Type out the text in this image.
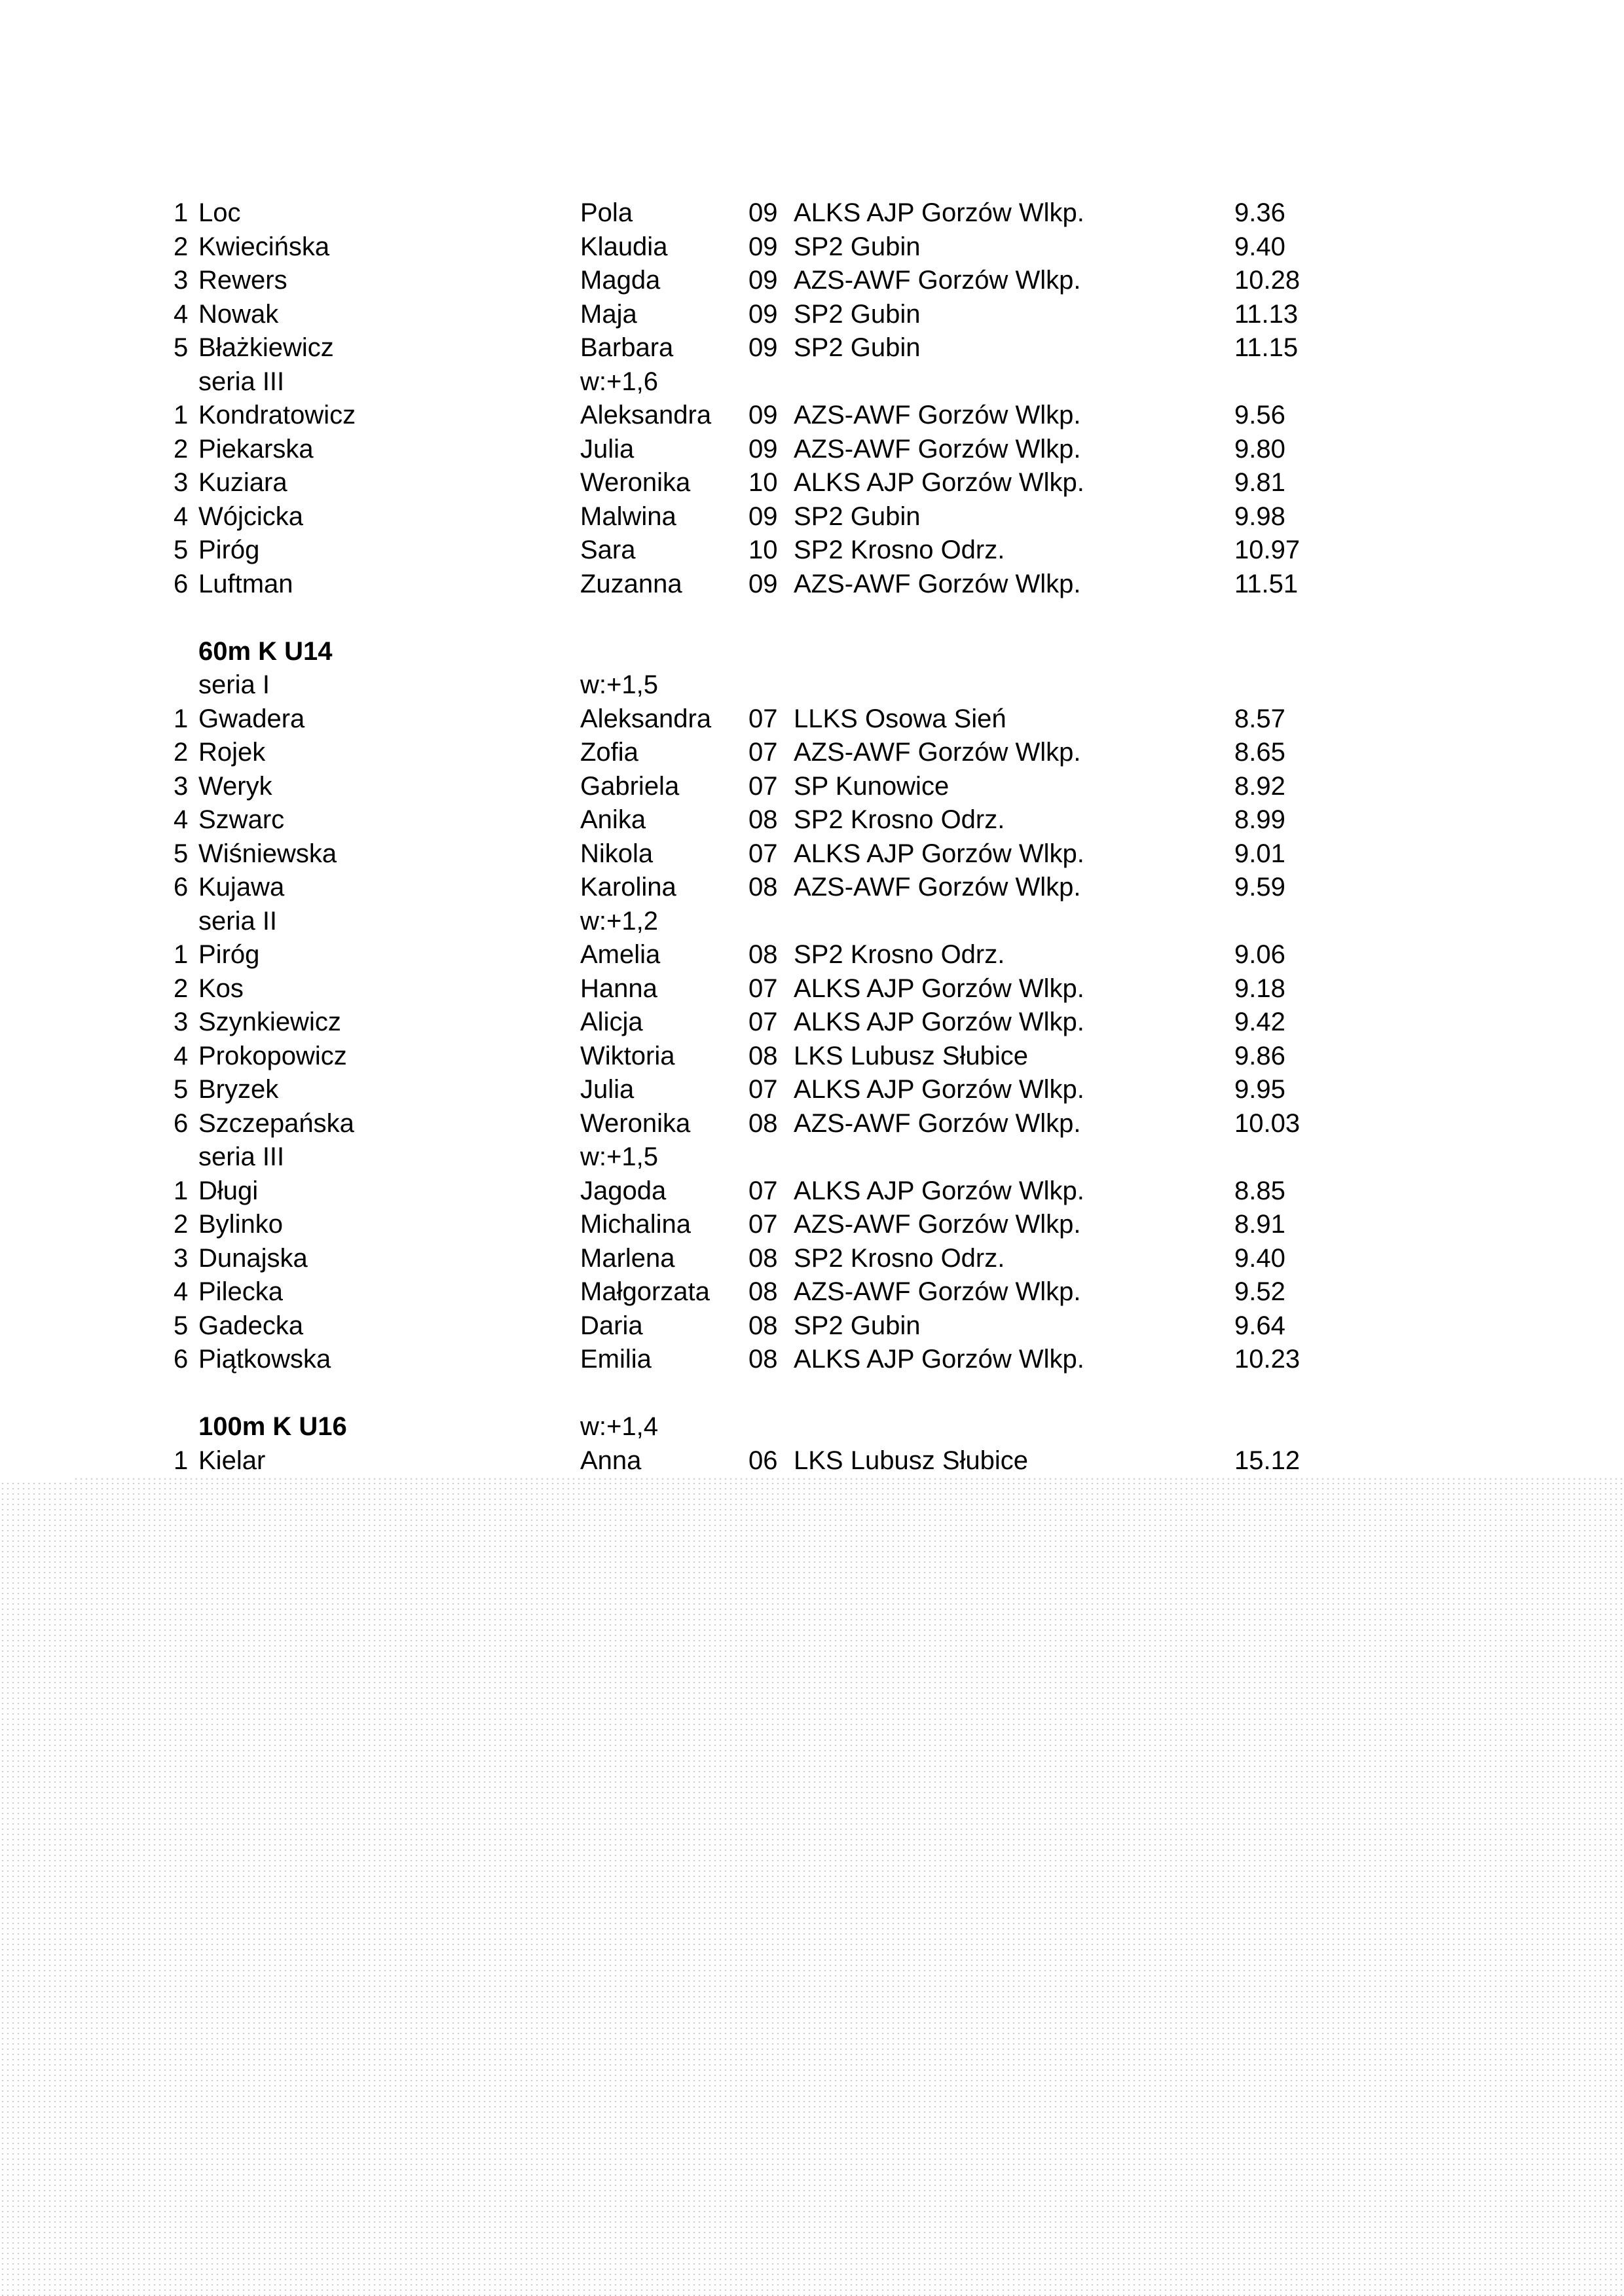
1 Loc	Pola	09 ALKS AJP Gorzów Wlkp.	9.36
2 Kwiecińska	Klaudia	09 SP2 Gubin	9.40
3 Rewers	Magda	09 AZS-AWF Gorzów Wlkp.	10.28
4 Nowak	Maja	09 SP2 Gubin	11.13
5 Błażkiewicz	Barbara	09 SP2 Gubin	11.15
seria III	w:+1,6
1 Kondratowicz	Aleksandra 09 AZS-AWF Gorzów Wlkp.	9.56
2 Piekarska	Julia	09 AZS-AWF Gorzów Wlkp.	9.80
3 Kuziara	Weronika 10 ALKS AJP Gorzów Wlkp.	9.81
4 Wójcicka	Malwina	09 SP2 Gubin	9.98
5 Piróg	Sara	10 SP2 Krosno Odrz.	10.97
6 Luftman	Zuzanna	09 AZS-AWF Gorzów Wlkp.	11.51
60m K U14
seria I	w:+1,5
1 Gwadera	Aleksandra 07 LLKS Osowa Sień	8.57
2 Rojek	Zofia	07 AZS-AWF Gorzów Wlkp.	8.65
3 Weryk	Gabriela	07 SP Kunowice	8.92
4 Szwarc	Anika	08 SP2 Krosno Odrz.	8.99
5 Wiśniewska	Nikola	07 ALKS AJP Gorzów Wlkp.	9.01
6 Kujawa	Karolina	08 AZS-AWF Gorzów Wlkp.	9.59
seria II	w:+1,2
1 Piróg	Amelia	08 SP2 Krosno Odrz.	9.06
2 Kos	Hanna	07 ALKS AJP Gorzów Wlkp.	9.18
3 Szynkiewicz	Alicja	07 ALKS AJP Gorzów Wlkp.	9.42
4 Prokopowicz	Wiktoria	08 LKS Lubusz Słubice	9.86
5 Bryzek	Julia	07 ALKS AJP Gorzów Wlkp.	9.95
6 Szczepańska	Weronika 08 AZS-AWF Gorzów Wlkp.	10.03
seria III	w:+1,5
1 Długi	Jagoda	07 ALKS AJP Gorzów Wlkp.	8.85
2 Bylinko	Michalina 07 AZS-AWF Gorzów Wlkp.	8.91
3 Dunajska	Marlena	08 SP2 Krosno Odrz.	9.40
4 Pilecka	Małgorzata 08 AZS-AWF Gorzów Wlkp.	9.52
5 Gadecka	Daria	08 SP2 Gubin	9.64
6 Piątkowska	Emilia	08 ALKS AJP Gorzów Wlkp.	10.23
100m K U16	w:+1,4
1 Kielar	Anna	06 LKS Lubusz Słubice	15.12
